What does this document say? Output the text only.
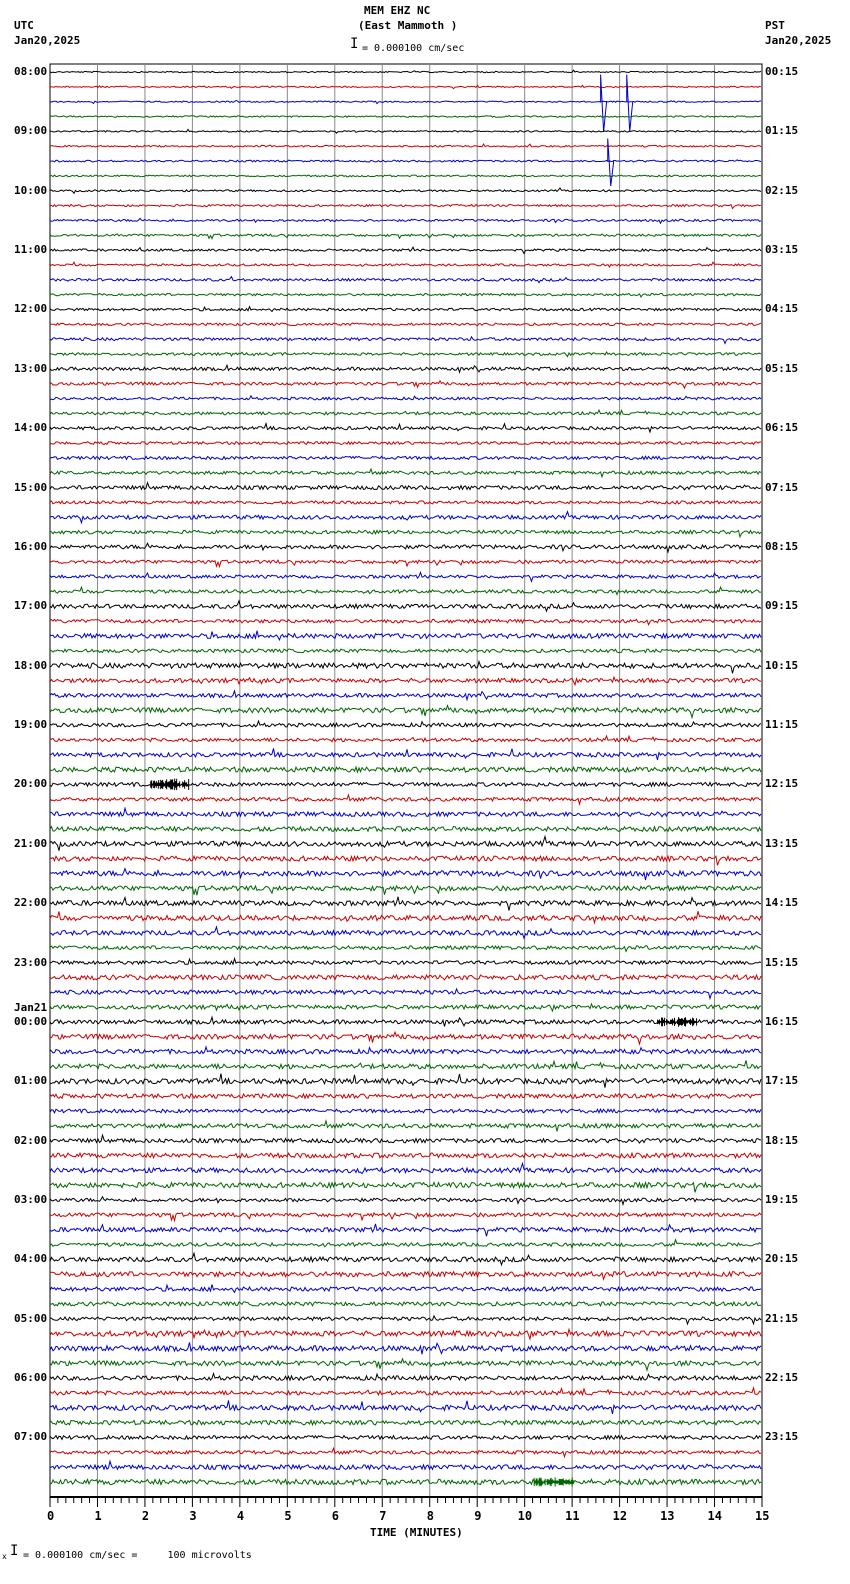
MEM EHZ NC
(East Mammoth )
UTC
Jan20,2025
PST
Jan20,2025
I = 0.000100 cm/sec
0	1	2	3	4	5	6	7	8	9	10	11	12	13	14	15
08:00	00:15
09:00	01:15
10:00	02:15
11:00	03:15
12:00	04:15
13:00	05:15
14:00	06:15
15:00	07:15
16:00	08:15
17:00	09:15
18:00	10:15
19:00	11:15
20:00	12:15
21:00	13:15
22:00	14:15
23:00	15:15
00:00	16:15
Jan21
01:00	17:15
02:00	18:15
03:00	19:15
04:00	20:15
05:00	21:15
06:00	22:15
07:00	23:15
TIME (MINUTES)
x I = 0.000100 cm/sec =     100 microvolts
